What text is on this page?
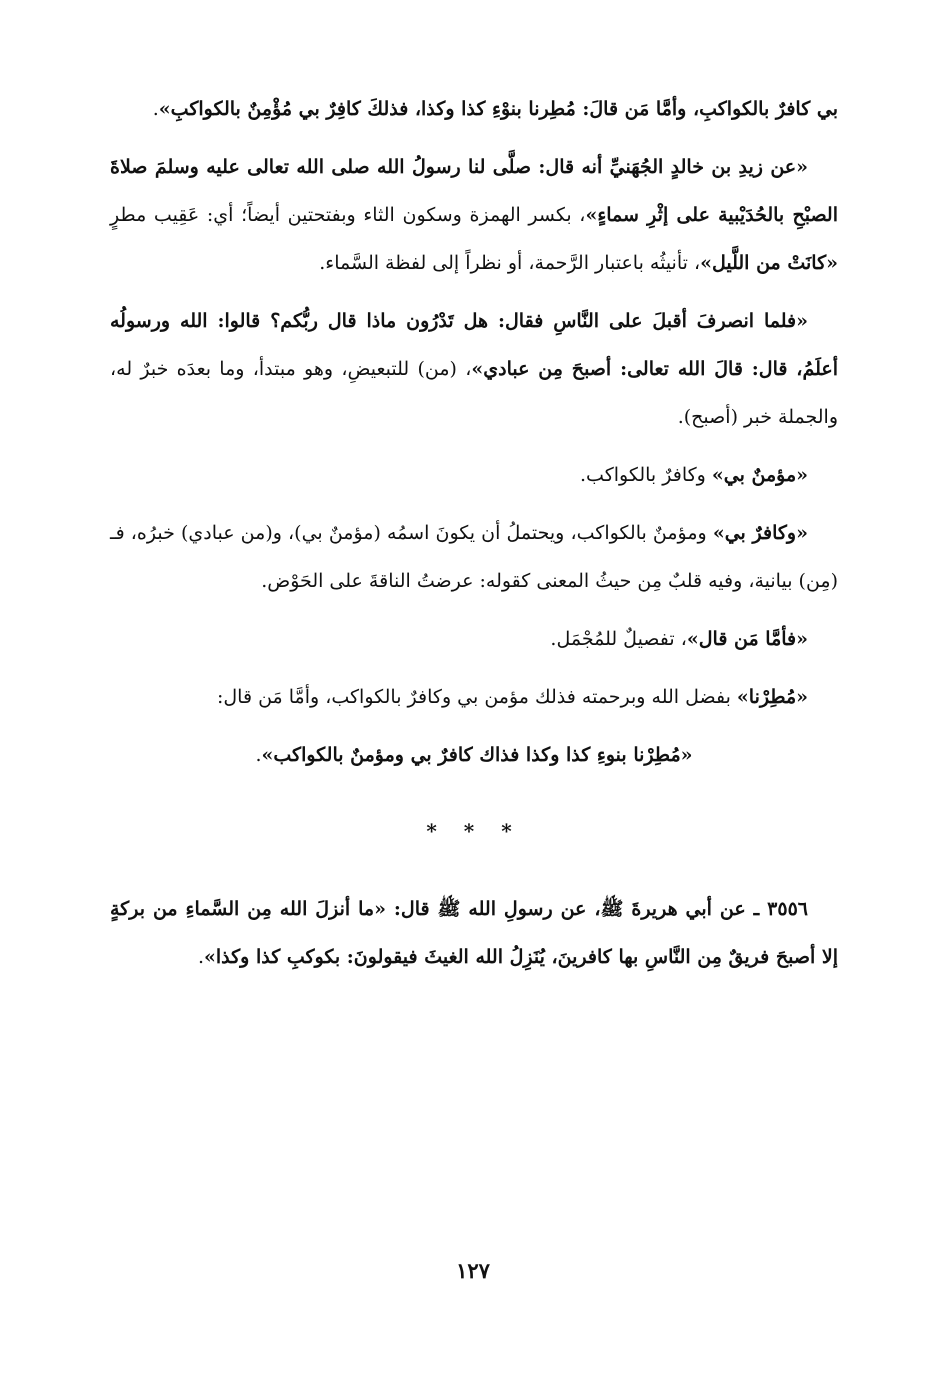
بي كافرٌ بالكواكبِ، وأمَّا مَن قالَ: مُطِرنا بنوْءِ كذا وكذا، فذلكَ كافِرٌ بي مُؤْمِنٌ بالكواكبِ».

«عن زيدِ بن خالدٍ الجُهَنيِّ أنه قال: صلَّى لنا رسولُ الله صلى الله تعالى عليه وسلمَ صلاةَ الصبْحِ بالحُدَيْبية على إثْرِ سماءٍ»، بكسر الهمزة وسكون الثاء وبفتحتين أيضاً؛ أي: عَقِيب مطرٍ «كانَتْ من اللَّيل»، تأنيثُه باعتبار الرَّحمة، أو نظراً إلى لفظة السَّماء.

«فلما انصرفَ أقبلَ على النَّاسِ فقال: هل تَدْرُون ماذا قال ربُّكم؟ قالوا: الله ورسولُه أعلَمُ، قال: قالَ الله تعالى: أصبحَ مِن عبادي»، (من) للتبعيضِ، وهو مبتدأ، وما بعدَه خبرٌ له، والجملة خبر (أصبح).

«مؤمنٌ بي» وكافرٌ بالكواكب.

«وكافرٌ بي» ومؤمنٌ بالكواكب، ويحتملُ أن يكونَ اسمُه (مؤمنٌ بي)، و(من عبادي) خبرُه، فـ (مِن) بيانية، وفيه قلبٌ مِن حيثُ المعنى كقوله: عرضتُ الناقةَ على الحَوْض.

«فأمَّا مَن قال»، تفصيلٌ للمُجْمَل.

«مُطِرْنا» بفضل الله وبرحمته فذلك مؤمن بي وكافرٌ بالكواكب، وأمَّا مَن قال:

«مُطِرْنا بنوءِ كذا وكذا فذاك كافرٌ بي ومؤمنٌ بالكواكب».

* * *

٣٥٥٦ ـ عن أبي هريرةَ ﷺ، عن رسولِ الله ﷺ قال: «ما أنزلَ الله مِن السَّماءِ من بركةٍ إلا أصبحَ فريقٌ مِن النَّاسِ بها كافرينَ، يُنَزِلُ الله الغيثَ فيقولونَ: بكوكبِ كذا وكذا».

١٢٧
